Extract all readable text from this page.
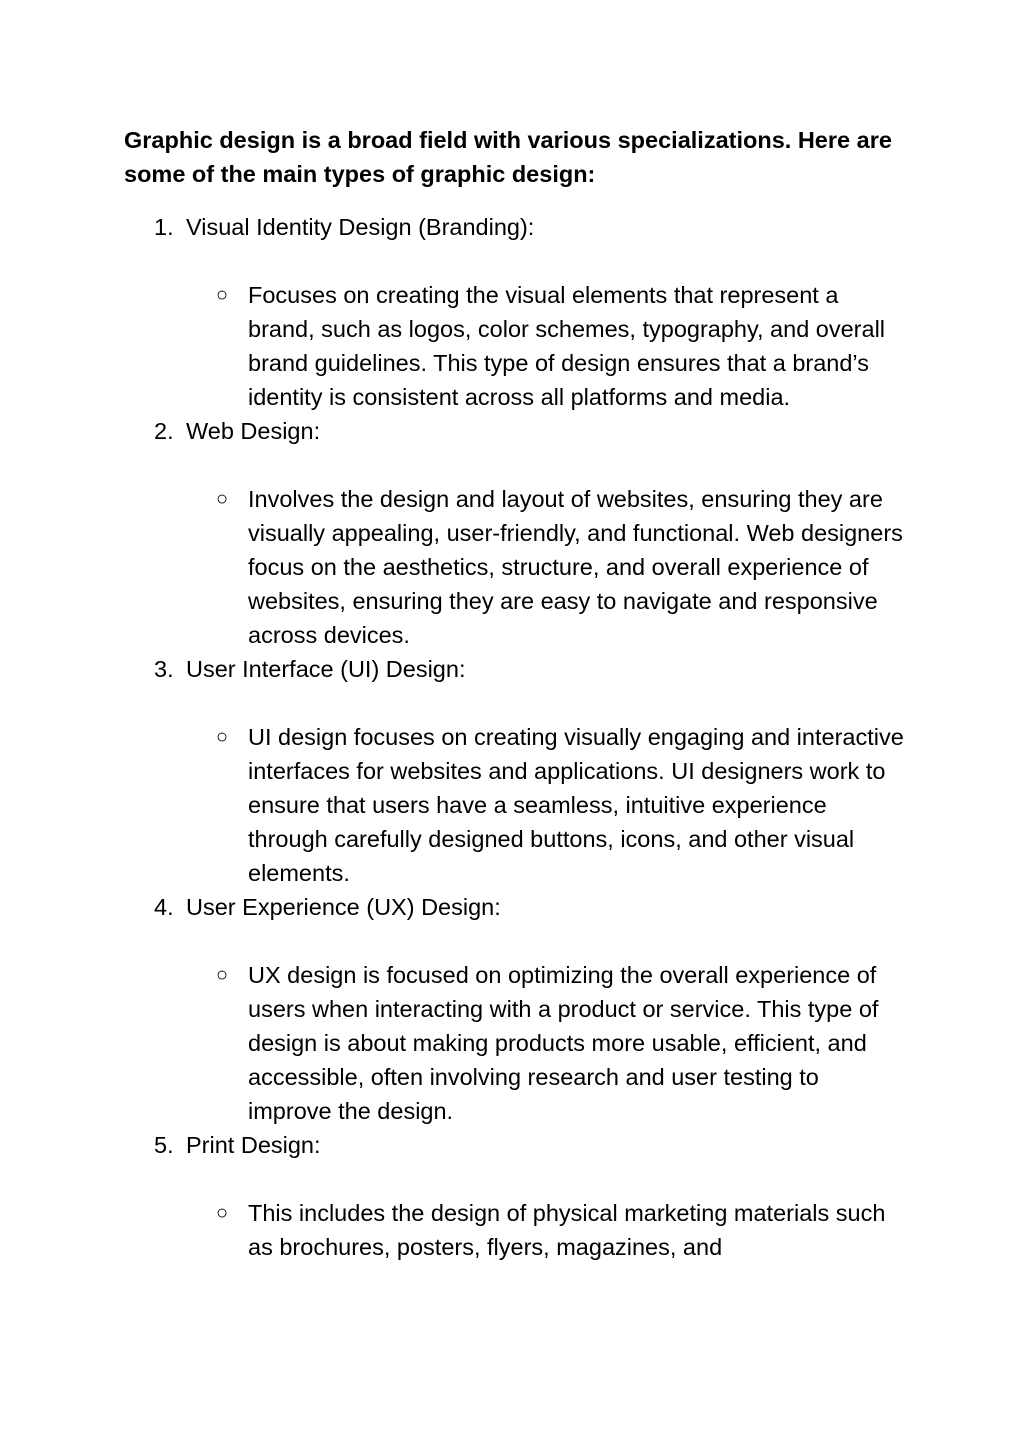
Graphic design is a broad field with various specializations. Here are some of the main types of graphic design:

1. Visual Identity Design (Branding):
○ Focuses on creating the visual elements that represent a brand, such as logos, color schemes, typography, and overall brand guidelines. This type of design ensures that a brand’s identity is consistent across all platforms and media.
2. Web Design:
○ Involves the design and layout of websites, ensuring they are visually appealing, user-friendly, and functional. Web designers focus on the aesthetics, structure, and overall experience of websites, ensuring they are easy to navigate and responsive across devices.
3. User Interface (UI) Design:
○ UI design focuses on creating visually engaging and interactive interfaces for websites and applications. UI designers work to ensure that users have a seamless, intuitive experience through carefully designed buttons, icons, and other visual elements.
4. User Experience (UX) Design:
○ UX design is focused on optimizing the overall experience of users when interacting with a product or service. This type of design is about making products more usable, efficient, and accessible, often involving research and user testing to improve the design.
5. Print Design:
○ This includes the design of physical marketing materials such as brochures, posters, flyers, magazines, and
